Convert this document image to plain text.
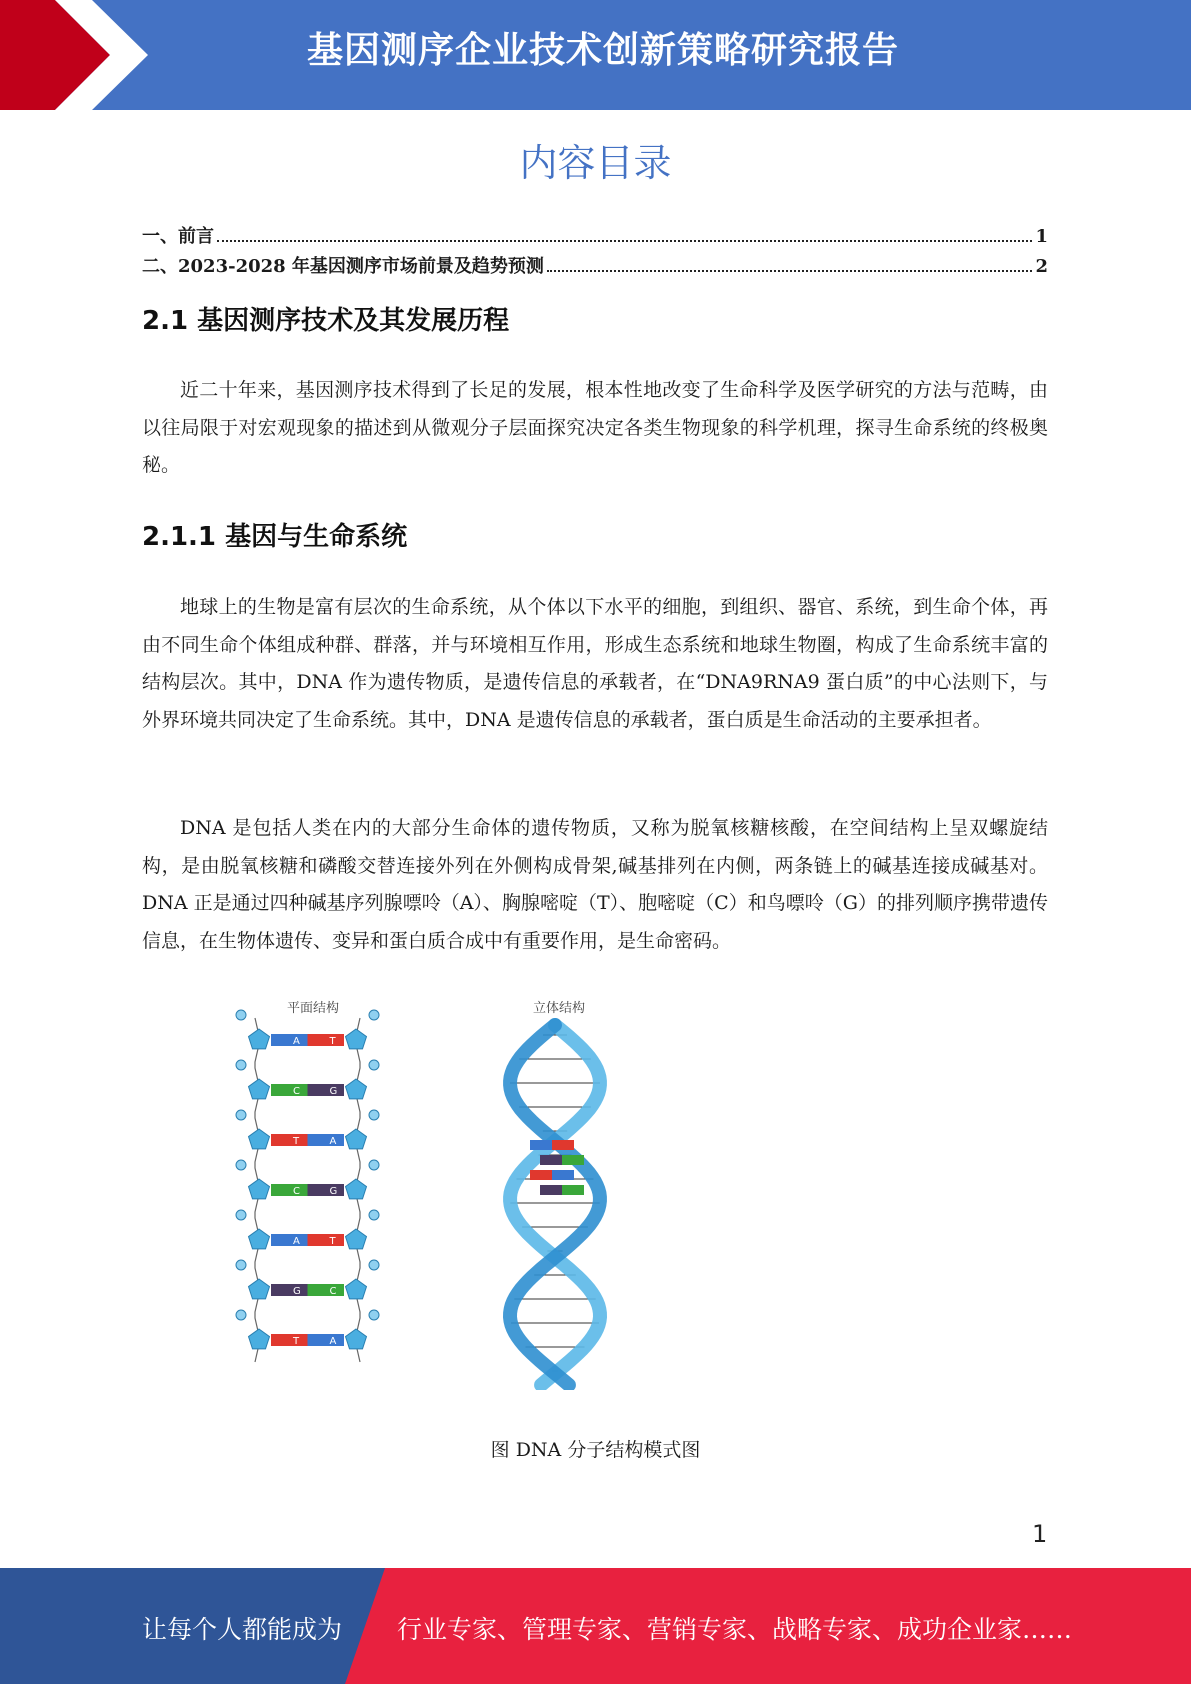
基因测序企业技术创新策略研究报告
内容目录
一、前言	1
二、2023-2028 年基因测序市场前景及趋势预测	2
2.1 基因测序技术及其发展历程

近二十年来，基因测序技术得到了长足的发展，根本性地改变了生命科学及医学研究的方法与范畴，由以往局限于对宏观现象的描述到从微观分子层面探究决定各类生物现象的科学机理，探寻生命系统的终极奥秘。

2.1.1 基因与生命系统

地球上的生物是富有层次的生命系统，从个体以下水平的细胞，到组织、器官、系统，到生命个体，再由不同生命个体组成种群、群落，并与环境相互作用，形成生态系统和地球生物圈，构成了生命系统丰富的结构层次。其中，DNA 作为遗传物质，是遗传信息的承载者，在“DNA9RNA9 蛋白质”的中心法则下，与外界环境共同决定了生命系统。其中，DNA 是遗传信息的承载者，蛋白质是生命活动的主要承担者。

DNA 是包括人类在内的大部分生命体的遗传物质，又称为脱氧核糖核酸，在空间结构上呈双螺旋结构，是由脱氧核糖和磷酸交替连接外列在外侧构成骨架,碱基排列在内侧，两条链上的碱基连接成碱基对。DNA 正是通过四种碱基序列腺嘌呤（A）、胸腺嘧啶（T）、胞嘧啶（C）和鸟嘌呤（G）的排列顺序携带遗传信息，在生物体遗传、变异和蛋白质合成中有重要作用，是生命密码。

平面结构	立体结构
A	T
C	G
T	A
C	G
A	T
G	C
T	A
图 DNA 分子结构模式图
1
让每个人都能成为 行业专家、管理专家、营销专家、战略专家、成功企业家……
